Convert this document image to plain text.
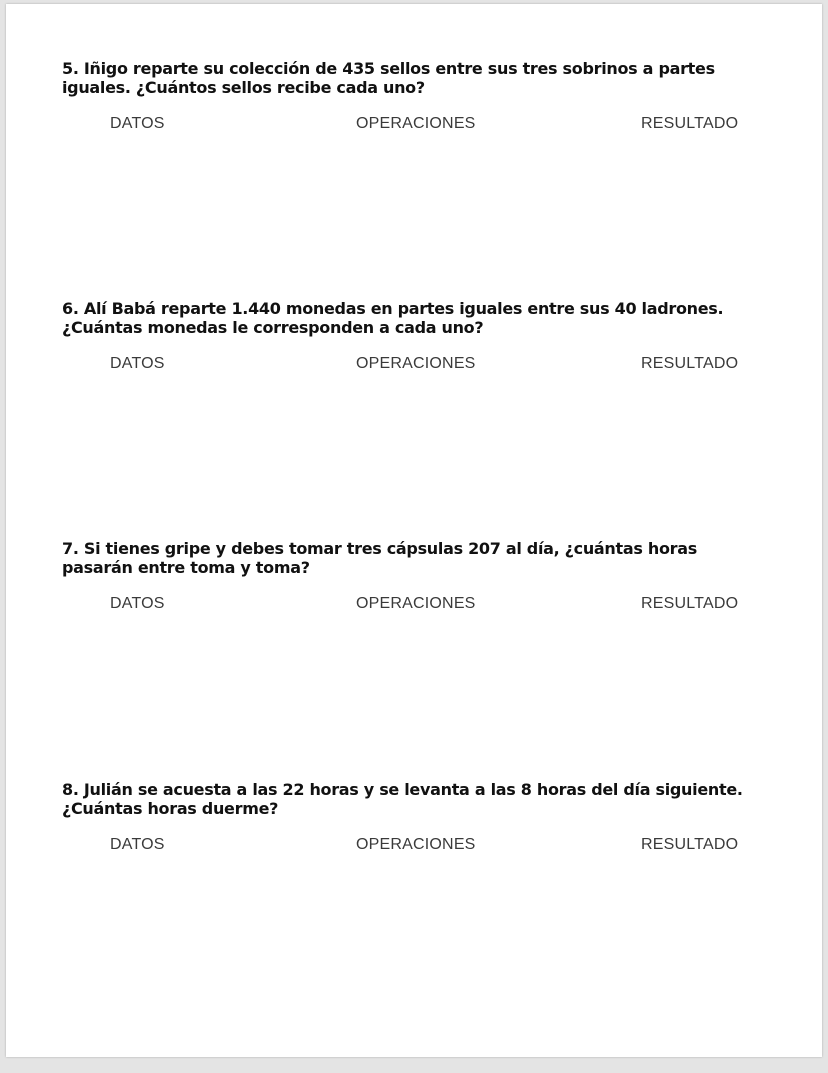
5. Iñigo reparte su colección de 435 sellos entre sus tres sobrinos a partes
iguales. ¿Cuántos sellos recibe cada uno?

DATOS	OPERACIONES	RESULTADO

6. Alí Babá reparte 1.440 monedas en partes iguales entre sus 40 ladrones.
¿Cuántas monedas le corresponden a cada uno?

DATOS	OPERACIONES	RESULTADO

7. Si tienes gripe y debes tomar tres cápsulas 207 al día, ¿cuántas horas
pasarán entre toma y toma?

DATOS	OPERACIONES	RESULTADO

8. Julián se acuesta a las 22 horas y se levanta a las 8 horas del día siguiente.
¿Cuántas horas duerme?

DATOS	OPERACIONES	RESULTADO
